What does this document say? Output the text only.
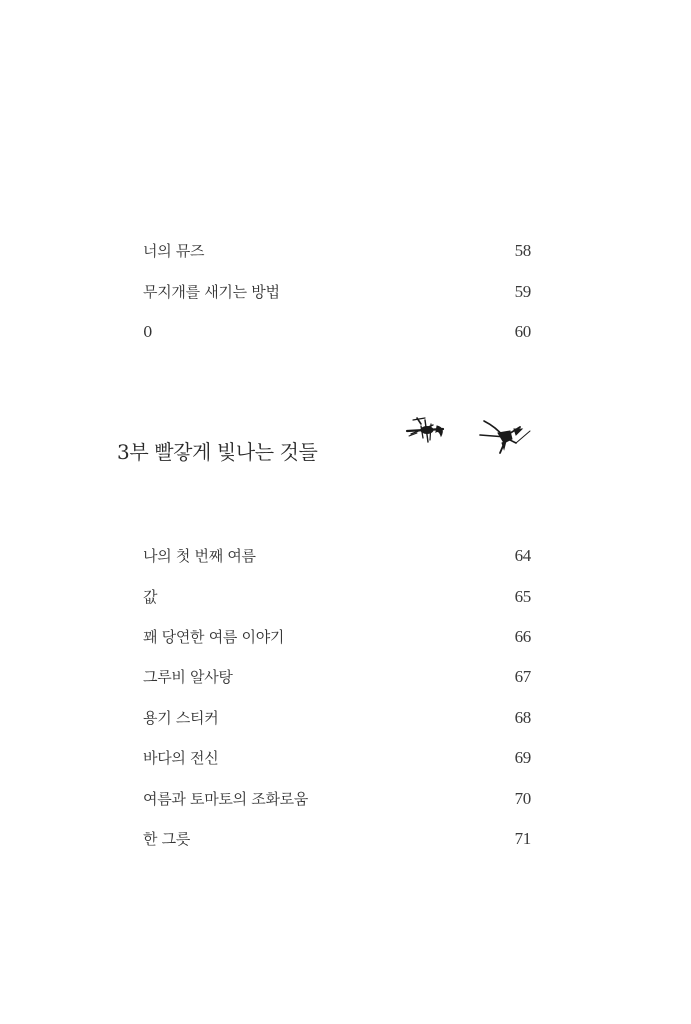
너의 뮤즈	58
무지개를 새기는 방법	59
0	60
3부 빨갛게 빛나는 것들
나의 첫 번째 여름	64
값	65
꽤 당연한 여름 이야기	66
그루비 알사탕	67
용기 스티커	68
바다의 전신	69
여름과 토마토의 조화로움	70
한 그릇	71
